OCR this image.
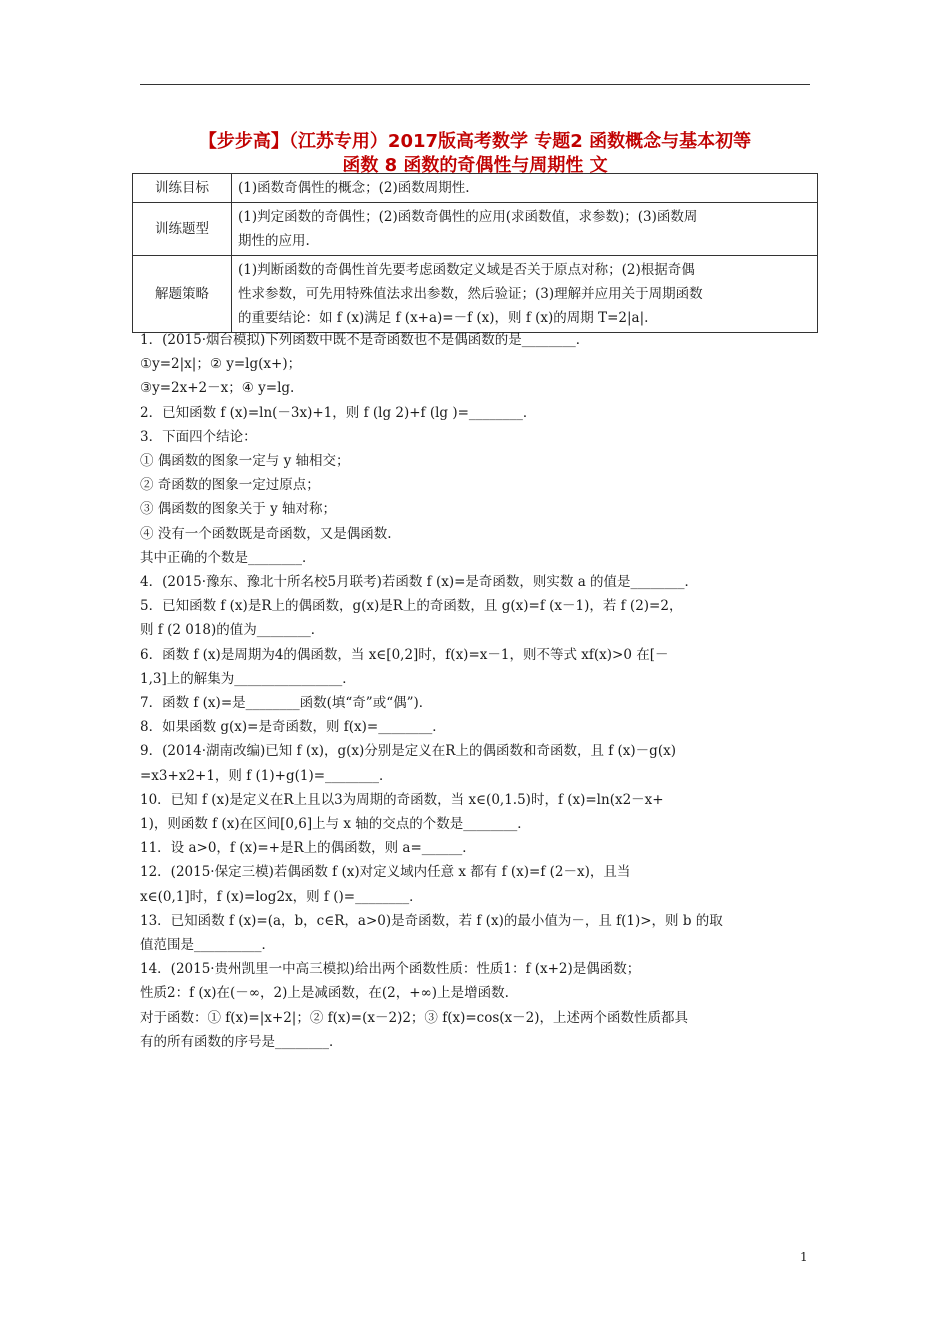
【步步高】（江苏专用）2017版高考数学 专题2 函数概念与基本初等
函数 8 函数的奇偶性与周期性 文
训练目标	(1)函数奇偶性的概念；(2)函数周期性.

训练题型	(1)判定函数的奇偶性；(2)函数奇偶性的应用(求函数值，求参数)；(3)函数周
期性的应用.

解题策略	(1)判断函数的奇偶性首先要考虑函数定义域是否关于原点对称；(2)根据奇偶
性求参数，可先用特殊值法求出参数，然后验证；(3)理解并应用关于周期函数
的重要结论：如 f (x)满足 f (x+a)=－f (x)，则 f (x)的周期 T=2|a|.

1．(2015·烟台模拟)下列函数中既不是奇函数也不是偶函数的是________．

①y=2|x|；② y=lg(x+)；

③y=2x+2－x；④ y=lg.

2．已知函数 f (x)=ln(－3x)+1，则 f (lg 2)+f (lg )=________．

3．下面四个结论：

① 偶函数的图象一定与 y 轴相交；

② 奇函数的图象一定过原点；

③ 偶函数的图象关于 y 轴对称；

④ 没有一个函数既是奇函数，又是偶函数.

其中正确的个数是________．

4．(2015·豫东、豫北十所名校5月联考)若函数 f (x)=是奇函数，则实数 a 的值是________．

5．已知函数 f (x)是R上的偶函数，g(x)是R上的奇函数，且 g(x)=f (x－1)，若 f (2)=2，

则 f (2 018)的值为________．

6．函数 f (x)是周期为4的偶函数，当 x∈[0,2]时，f(x)=x－1，则不等式 xf(x)>0 在[－

1,3]上的解集为________________．

7．函数 f (x)=是________函数(填“奇”或“偶”)．

8．如果函数 g(x)=是奇函数，则 f(x)=________．

9．(2014·湖南改编)已知 f (x)，g(x)分别是定义在R上的偶函数和奇函数，且 f (x)－g(x)

=x3+x2+1，则 f (1)+g(1)=________．

10．已知 f (x)是定义在R上且以3为周期的奇函数，当 x∈(0,1.5)时，f (x)=ln(x2－x+

1)，则函数 f (x)在区间[0,6]上与 x 轴的交点的个数是________．

11．设 a>0，f (x)=+是R上的偶函数，则 a=______．

12．(2015·保定三模)若偶函数 f (x)对定义域内任意 x 都有 f (x)=f (2－x)，且当

x∈(0,1]时，f (x)=log2x，则 f ()=________．

13．已知函数 f (x)=(a，b，c∈R，a>0)是奇函数，若 f (x)的最小值为－，且 f(1)>，则 b 的取

值范围是__________．

14．(2015·贵州凯里一中高三模拟)给出两个函数性质：性质1：f (x+2)是偶函数；

性质2：f (x)在(－∞，2)上是减函数，在(2，+∞)上是增函数.

对于函数：① f(x)=|x+2|；② f(x)=(x－2)2；③ f(x)=cos(x－2)，上述两个函数性质都具

有的所有函数的序号是________．

1
